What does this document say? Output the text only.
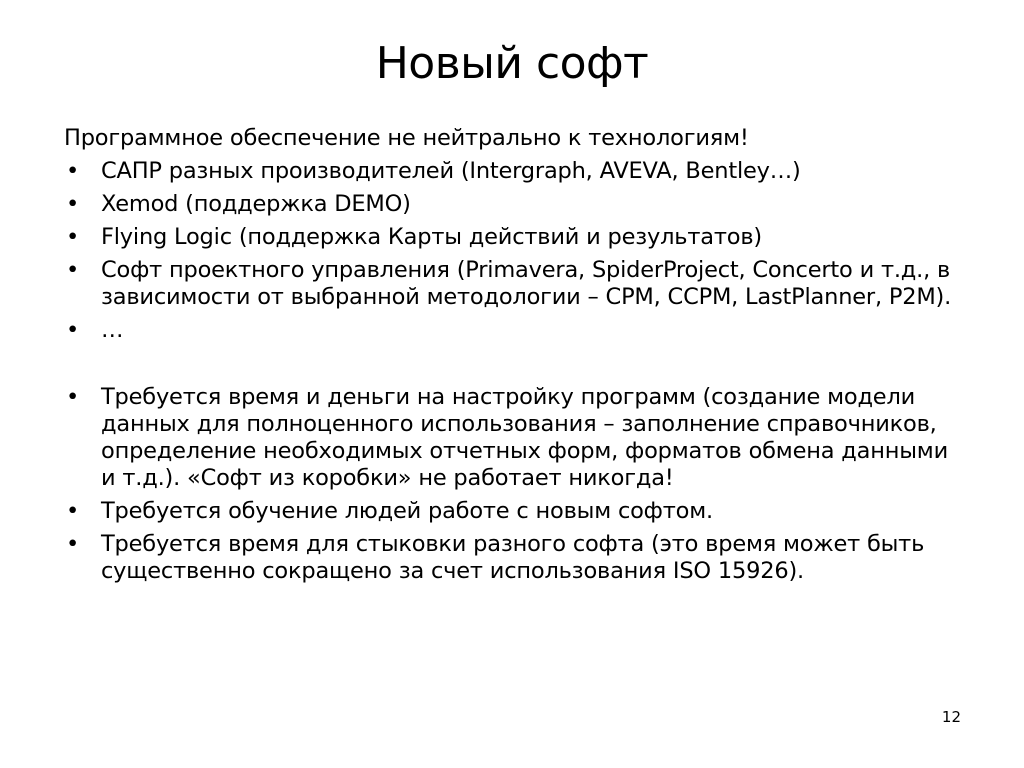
Новый софт

Программное обеспечение не нейтрально к технологиям!

• САПР разных производителей (Intergraph, AVEVA, Bentley…)
• Xemod (поддержка DEMO)
• Flying Logic (поддержка Карты действий и результатов)
• Софт проектного управления (Primavera, SpiderProject, Concerto и т.д., в зависимости от выбранной методологии – CPM, CCPM, LastPlanner, P2M).
• …
• Требуется время и деньги на настройку программ (создание модели данных для полноценного использования – заполнение справочников, определение необходимых отчетных форм, форматов обмена данными и т.д.). «Софт из коробки» не работает никогда!
• Требуется обучение людей работе с новым софтом.
• Требуется время для стыковки разного софта (это время может быть существенно сокращено за счет использования ISO 15926).
12
